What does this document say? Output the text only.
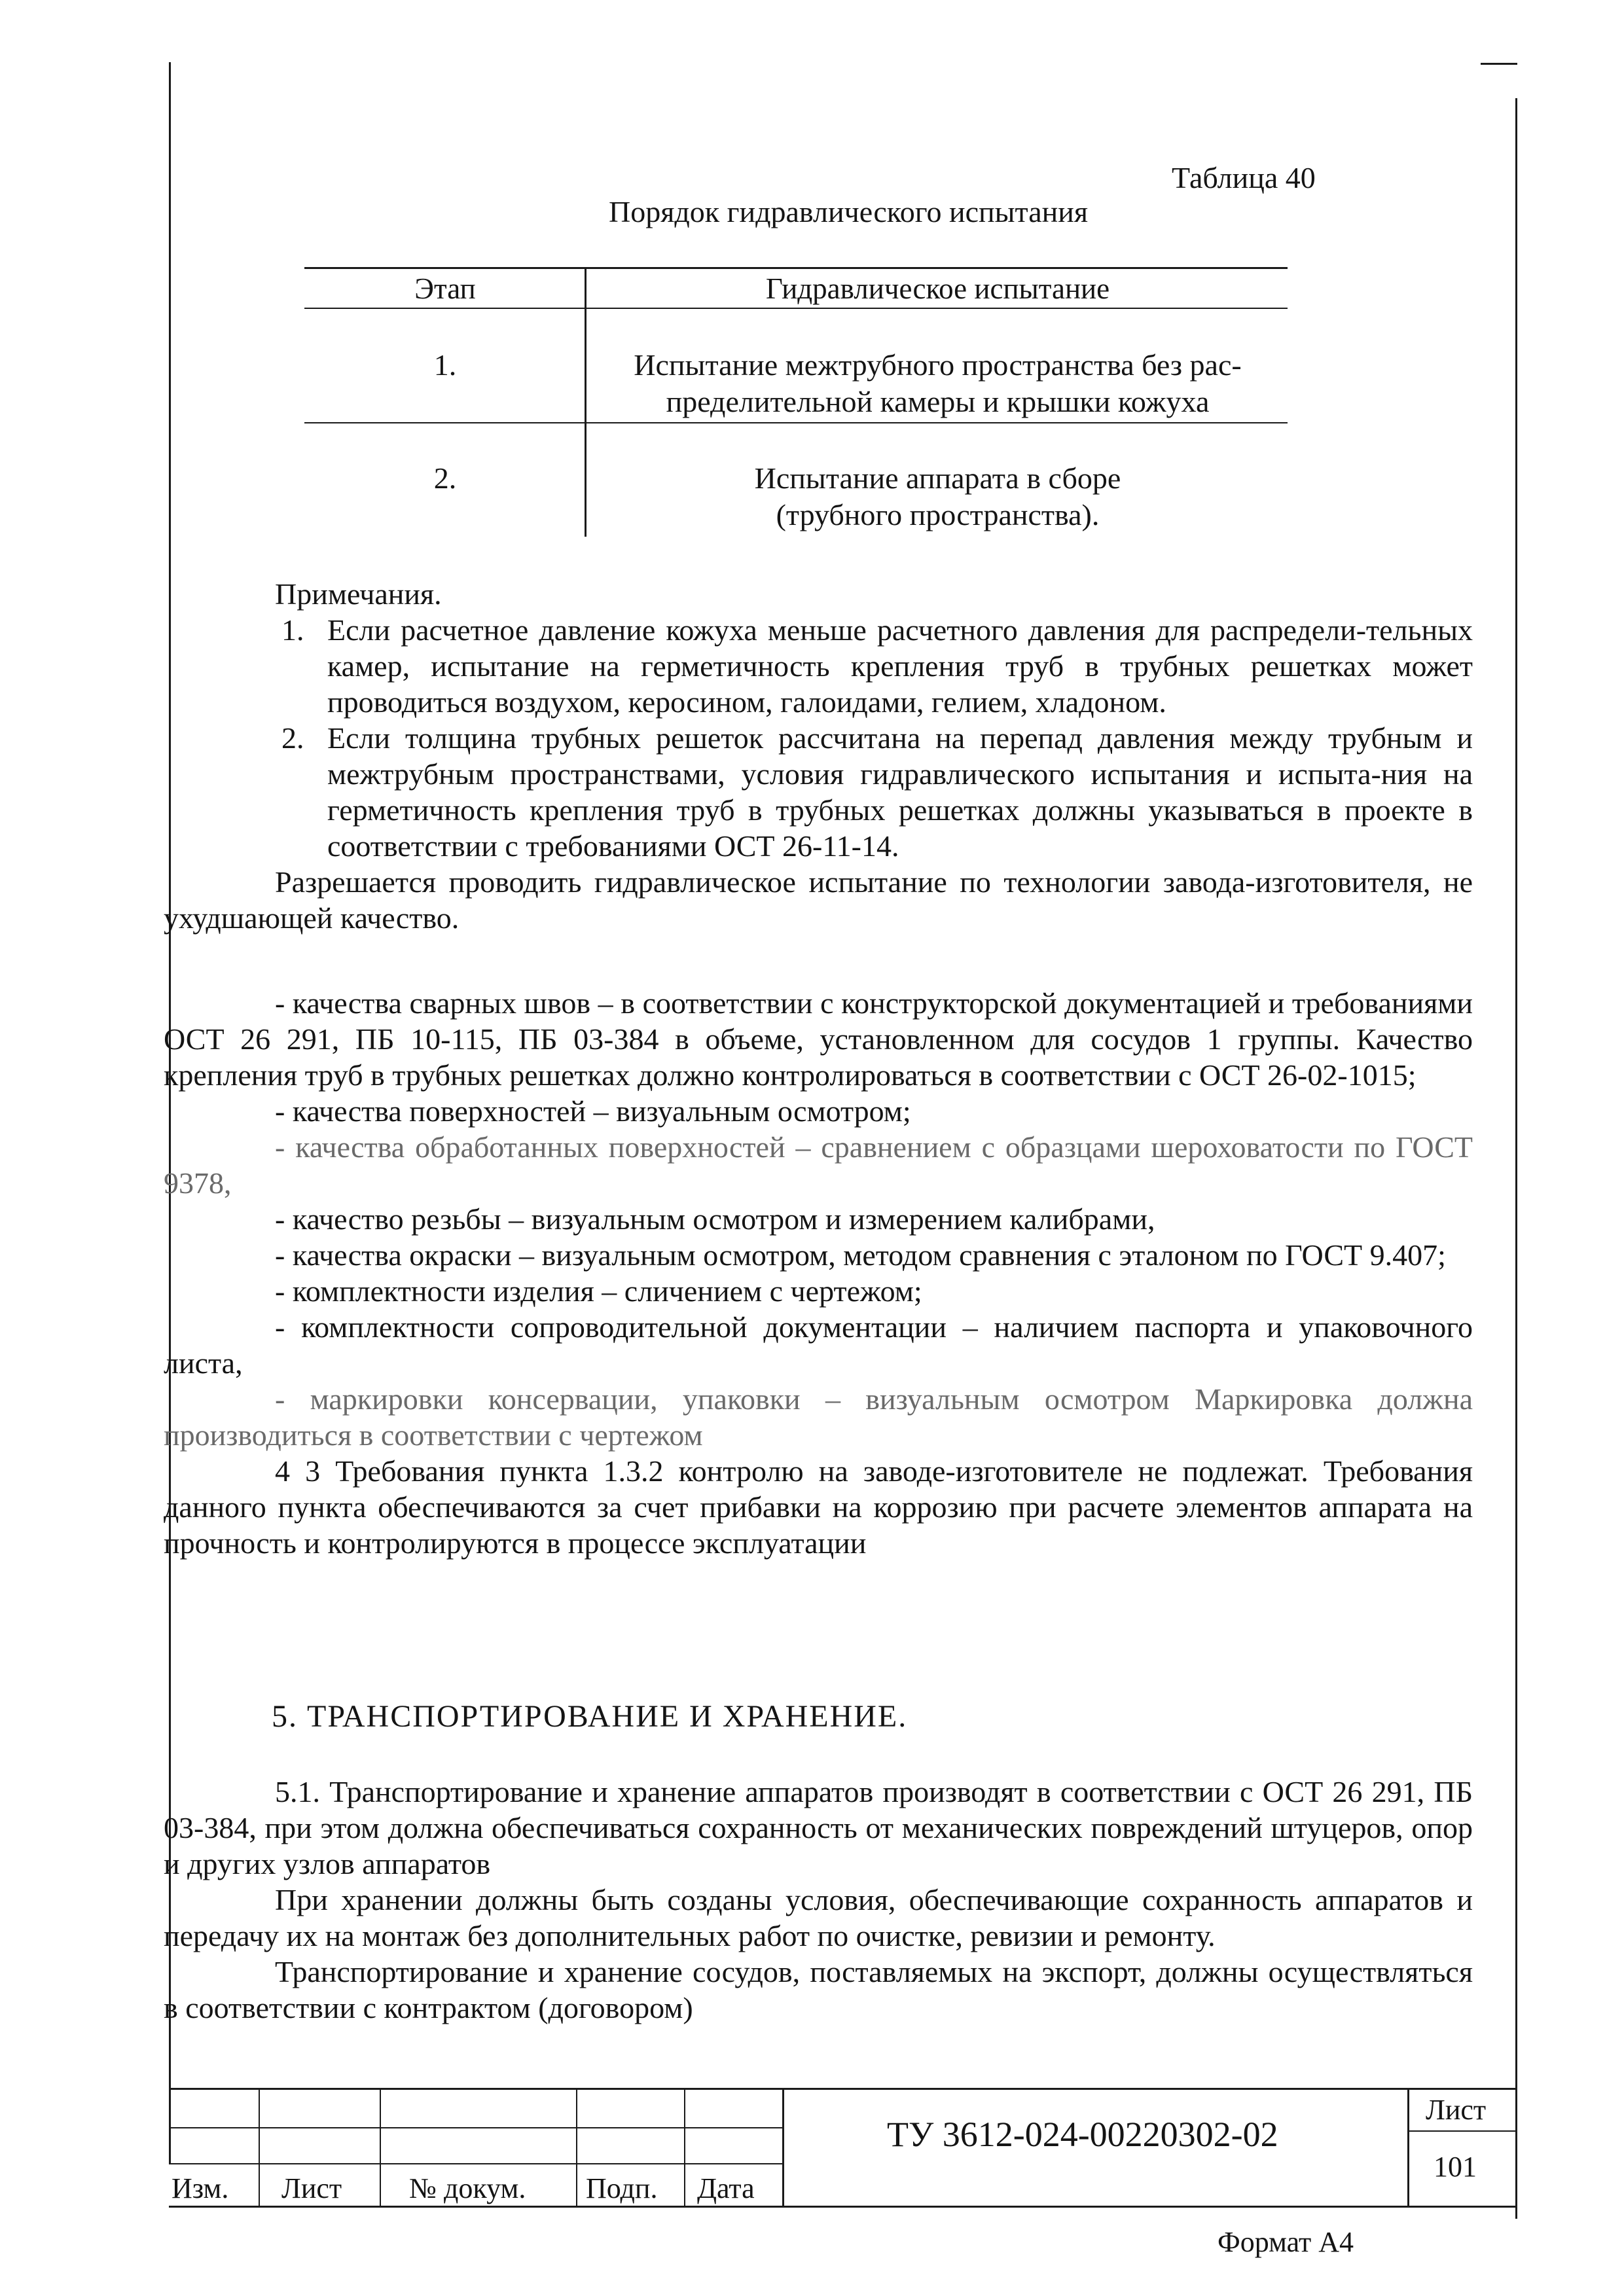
Таблица 40
Порядок гидравлического испытания
Этап	Гидравлическое испытание
1.	Испытание межтрубного пространства без рас-
пределительной камеры и крышки кожуха
2.	Испытание аппарата в сборе
(трубного пространства).

Примечания.

1. Если расчетное давление кожуха меньше расчетного давления для распредели-тельных камер, испытание на герметичность крепления труб в трубных решетках может проводиться воздухом, керосином, галоидами, гелием, хладоном.

2. Если толщина трубных решеток рассчитана на перепад давления между трубным и межтрубным пространствами, условия гидравлического испытания и испыта-ния на герметичность крепления труб в трубных решетках должны указываться в проекте в соответствии с требованиями ОСТ 26-11-14.

Разрешается проводить гидравлическое испытание по технологии завода-изготовителя, не ухудшающей качество.

- качества сварных швов – в соответствии с конструкторской документацией и требованиями ОСТ 26 291, ПБ 10-115, ПБ 03-384 в объеме, установленном для сосудов 1 группы. Качество крепления труб в трубных решетках должно контролироваться в соответствии с ОСТ 26-02-1015;

- качества поверхностей – визуальным осмотром;

- качества обработанных поверхностей – сравнением с образцами шероховатости по ГОСТ 9378,

- качество резьбы – визуальным осмотром и измерением калибрами,

- качества окраски – визуальным осмотром, методом сравнения с эталоном по ГОСТ 9.407;

- комплектности изделия – сличением с чертежом;

- комплектности сопроводительной документации – наличием паспорта и упаковочного листа,

- маркировки консервации, упаковки – визуальным осмотром Маркировка должна производиться в соответствии с чертежом

4 3 Требования пункта 1.3.2 контролю на заводе-изготовителе не подлежат. Требования данного пункта обеспечиваются за счет прибавки на коррозию при расчете элементов аппарата на прочность и контролируются в процессе эксплуатации

5. ТРАНСПОРТИРОВАНИЕ И ХРАНЕНИЕ.

5.1. Транспортирование и хранение аппаратов производят в соответствии с ОСТ 26 291, ПБ 03-384, при этом должна обеспечиваться сохранность от механических повреждений штуцеров, опор и других узлов аппаратов

При хранении должны быть созданы условия, обеспечивающие сохранность аппаратов и передачу их на монтаж без дополнительных работ по очистке, ревизии и ремонту.

Транспортирование и хранение сосудов, поставляемых на экспорт, должны осуществляться в соответствии с контрактом (договором)

Изм. Лист № докум. Подп. Дата
ТУ 3612-024-00220302-02
Лист
101
Формат А4
